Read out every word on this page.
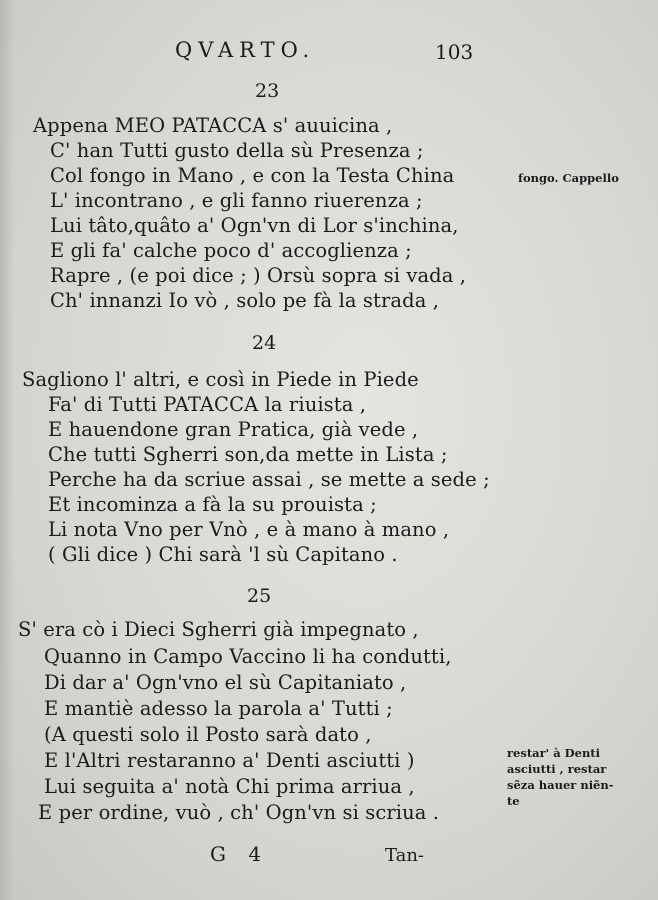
QVARTO.	103
23
Appena MEO PATACCA s' auuicina ,
C' han Tutti gusto della sù Presenza ;
Col fongo in Mano , e con la Testa China
L' incontrano , e gli fanno riuerenza ;
Lui tâto,quâto a' Ogn'vn di Lor s'inchina,
E gli fa' calche poco d' accoglienza ;
Rapre , (e poi dice ; ) Orsù sopra si vada ,
Ch' innanzi Io vò , solo pe fà la strada ,
fongo. Cappello
24
Sagliono l' altri, e così in Piede in Piede
Fa' di Tutti PATACCA la riuista ,
E hauendone gran Pratica, già vede ,
Che tutti Sgherri son,da mette in Lista ;
Perche ha da scriue assai , se mette a sede ;
Et incominza a fà la su prouista ;
Li nota Vno per Vnò , e à mano à mano ,
( Gli dice ) Chi sarà 'l sù Capitano .
25
S' era cò i Dieci Sgherri già impegnato ,
Quanno in Campo Vaccino li ha condutti,
Di dar a' Ogn'vno el sù Capitaniato ,
E mantiè adesso la parola a' Tutti ;
(A questi solo il Posto sarà dato ,
E l'Altri restaranno a' Denti asciutti )
Lui seguita a' notà Chi prima arriua ,
E per ordine, vuò , ch' Ogn'vn si scriua .
restar' à Denti
asciutti , restar
sẽza hauer niẽn-
te
G 4	Tan-
